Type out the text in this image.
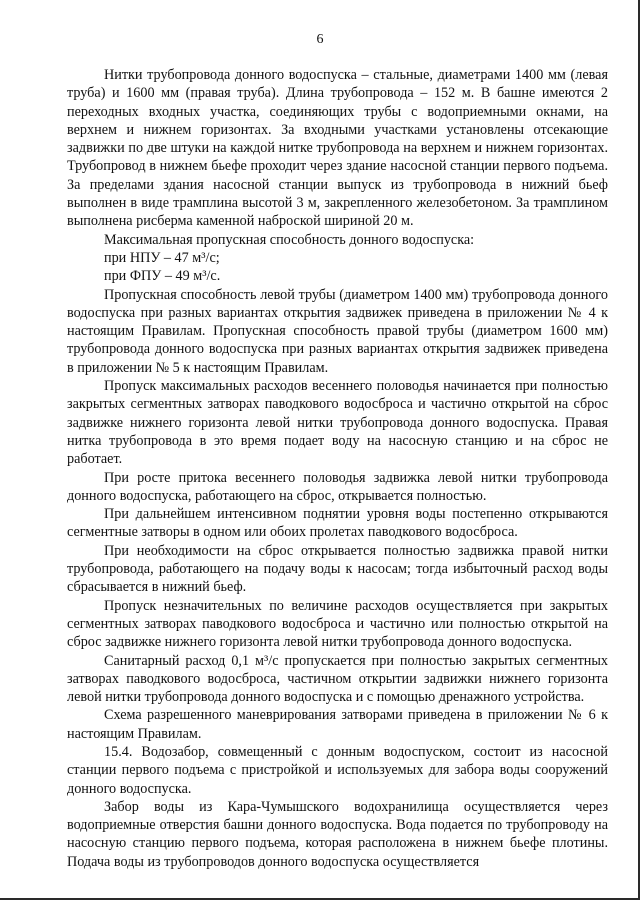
6

Нитки трубопровода донного водоспуска – стальные, диаметрами 1400 мм (левая труба) и 1600 мм (правая труба). Длина трубопровода – 152 м. В башне имеются 2 переходных входных участка, соединяющих трубы с водоприемными окнами, на верхнем и нижнем горизонтах. За входными участками установлены отсекающие задвижки по две штуки на каждой нитке трубопровода на верхнем и нижнем горизонтах. Трубопровод в нижнем бьефе проходит через здание насосной станции первого подъема. За пределами здания насосной станции выпуск из трубопровода в нижний бьеф выполнен в виде трамплина высотой 3 м, закрепленного железобетоном. За трамплином выполнена рисберма каменной наброской шириной 20 м.

Максимальная пропускная способность донного водоспуска:

при НПУ – 47 м³/с;

при ФПУ – 49 м³/с.

Пропускная способность левой трубы (диаметром 1400 мм) трубопровода донного водоспуска при разных вариантах открытия задвижек приведена в приложении № 4 к настоящим Правилам. Пропускная способность правой трубы (диаметром 1600 мм) трубопровода донного водоспуска при разных вариантах открытия задвижек приведена в приложении № 5 к настоящим Правилам.

Пропуск максимальных расходов весеннего половодья начинается при полностью закрытых сегментных затворах паводкового водосброса и частично открытой на сброс задвижке нижнего горизонта левой нитки трубопровода донного водоспуска. Правая нитка трубопровода в это время подает воду на насосную станцию и на сброс не работает.

При росте притока весеннего половодья задвижка левой нитки трубопровода донного водоспуска, работающего на сброс, открывается полностью.

При дальнейшем интенсивном поднятии уровня воды постепенно открываются сегментные затворы в одном или обоих пролетах паводкового водосброса.

При необходимости на сброс открывается полностью задвижка правой нитки трубопровода, работающего на подачу воды к насосам; тогда избыточный расход воды сбрасывается в нижний бьеф.

Пропуск незначительных по величине расходов осуществляется при закрытых сегментных затворах паводкового водосброса и частично или полностью открытой на сброс задвижке нижнего горизонта левой нитки трубопровода донного водоспуска.

Санитарный расход 0,1 м³/с пропускается при полностью закрытых сегментных затворах паводкового водосброса, частичном открытии задвижки нижнего горизонта левой нитки трубопровода донного водоспуска и с помощью дренажного устройства.

Схема разрешенного маневрирования затворами приведена в приложении № 6 к настоящим Правилам.

15.4. Водозабор, совмещенный с донным водоспуском, состоит из насосной станции первого подъема с пристройкой и используемых для забора воды сооружений донного водоспуска.

Забор воды из Кара-Чумышского водохранилища осуществляется через водоприемные отверстия башни донного водоспуска. Вода подается по трубопроводу на насосную станцию первого подъема, которая расположена в нижнем бьефе плотины. Подача воды из трубопроводов донного водоспуска осуществляется
